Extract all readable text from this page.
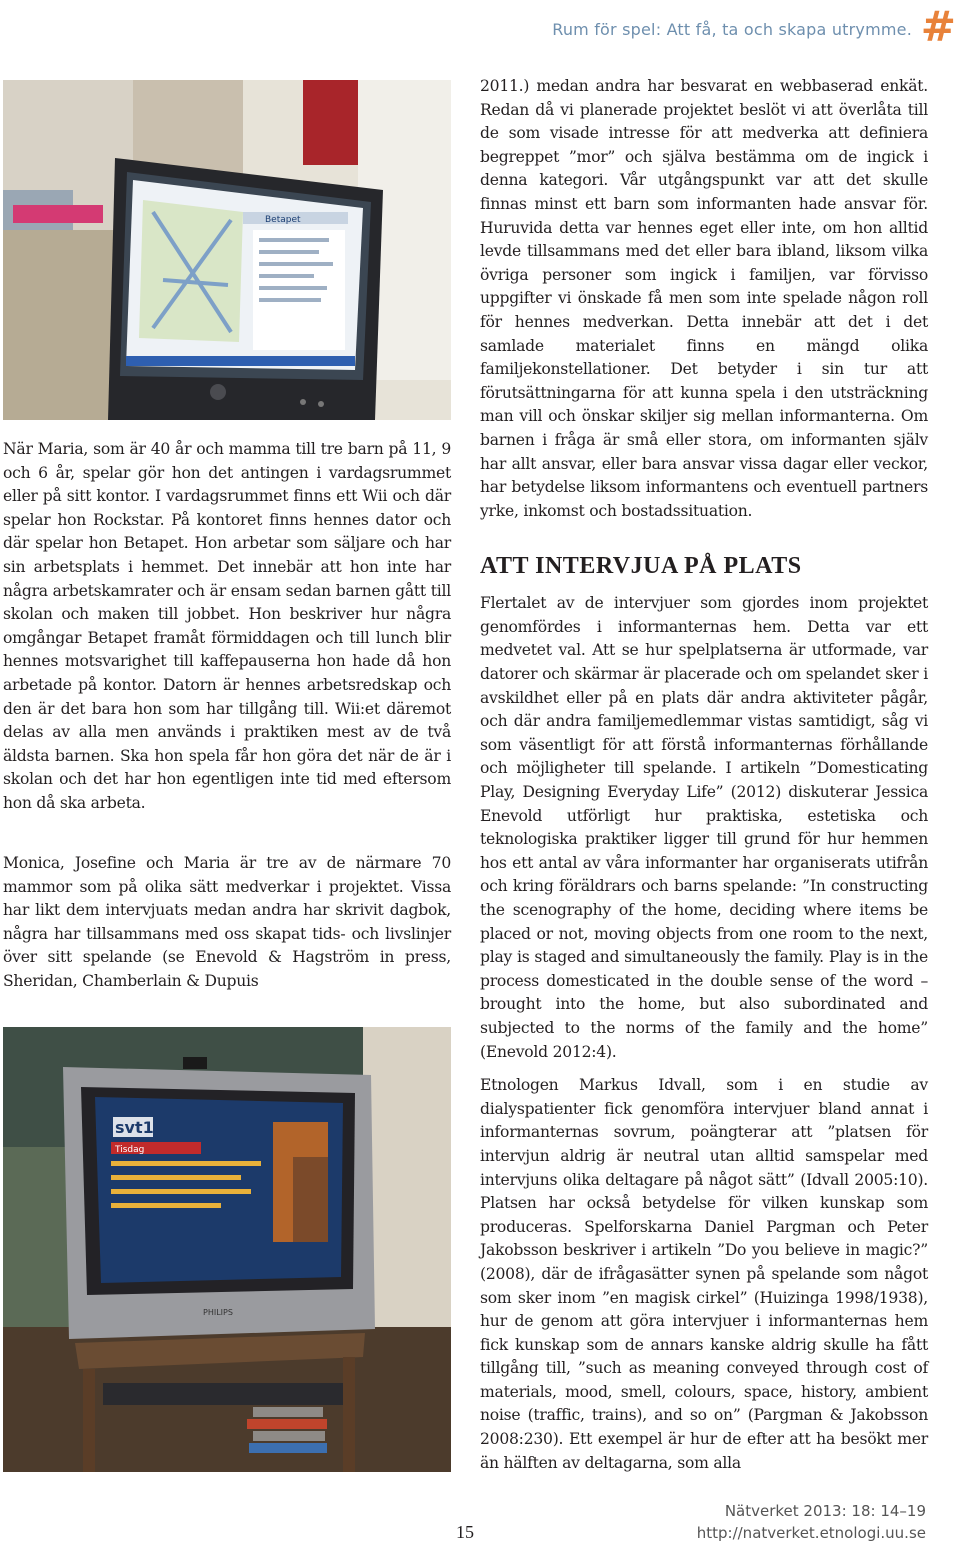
Rum för spel: Att få, ta och skapa utrymme. #
Betapet

När Maria, som är 40 år och mamma till tre barn på 11, 9 och 6 år, spelar gör hon det antingen i vardagsrummet eller på sitt kontor. I vardagsrummet finns ett Wii och där spelar hon Rockstar. På kontoret finns hennes dator och där spelar hon Betapet. Hon arbetar som säljare och har sin arbetsplats i hemmet. Det innebär att hon inte har några arbetskamrater och är ensam sedan barnen gått till skolan och maken till jobbet. Hon beskriver hur några omgångar Betapet framåt förmiddagen och till lunch blir hennes motsvarighet till kaffepauserna hon hade då hon arbetade på kontor. Datorn är hennes arbetsredskap och den är det bara hon som har tillgång till. Wii:et däremot delas av alla men används i praktiken mest av de två äldsta barnen. Ska hon spela får hon göra det när de är i skolan och det har hon egentligen inte tid med eftersom hon då ska arbeta.

Monica, Josefine och Maria är tre av de närmare 70 mammor som på olika sätt medverkar i projektet. Vissa har likt dem intervjuats medan andra har skrivit dagbok, några har tillsammans med oss skapat tids- och livslinjer över sitt spelande (se Enevold & Hagström in press, Sheridan, Chamberlain & Dupuis

svt1
Tisdag
PHILIPS

2011.) medan andra har besvarat en webbaserad enkät. Redan då vi planerade projektet beslöt vi att överlåta till de som visade intresse för att medverka att definiera begreppet ”mor” och själva bestämma om de ingick i denna kategori. Vår utgångspunkt var att det skulle finnas minst ett barn som informanten hade ansvar för. Huruvida detta var hennes eget eller inte, om hon alltid levde tillsammans med det eller bara ibland, liksom vilka övriga personer som ingick i familjen, var förvisso uppgifter vi önskade få men som inte spelade någon roll för hennes medverkan. Detta innebär att det i det samlade materialet finns en mängd olika familjekonstellationer. Det betyder i sin tur att förutsättningarna för att kunna spela i den utsträckning man vill och önskar skiljer sig mellan informanterna. Om barnen i fråga är små eller stora, om informanten själv har allt ansvar, eller bara ansvar vissa dagar eller veckor, har betydelse liksom informantens och eventuell partners yrke, inkomst och bostadssituation.

ATT INTERVJUA PÅ PLATS

Flertalet av de intervjuer som gjordes inom projektet genomfördes i informanternas hem. Detta var ett medvetet val. Att se hur spelplatserna är utformade, var datorer och skärmar är placerade och om spelandet sker i avskildhet eller på en plats där andra aktiviteter pågår, och där andra familjemedlemmar vistas samtidigt, såg vi som väsentligt för att förstå informanternas förhållande och möjligheter till spelande. I artikeln ”Domesticating Play, Designing Everyday Life” (2012) diskuterar Jessica Enevold utförligt hur praktiska, estetiska och teknologiska praktiker ligger till grund för hur hemmen hos ett antal av våra informanter har organiserats utifrån och kring föräldrars och barns spelande: ”In constructing the scenography of the home, deciding where items be placed or not, moving objects from one room to the next, play is staged and simultaneously the family. Play is in the process domesticated in the double sense of the word – brought into the home, but also subordinated and subjected to the norms of the family and the home” (Enevold 2012:4).

Etnologen Markus Idvall, som i en studie av dialyspatienter fick genomföra intervjuer bland annat i informanternas sovrum, poängterar att ”platsen för intervjun aldrig är neutral utan alltid samspelar med intervjuns olika deltagare på något sätt” (Idvall 2005:10). Platsen har också betydelse för vilken kunskap som produceras. Spelforskarna Daniel Pargman och Peter Jakobsson beskriver i artikeln ”Do you believe in magic?” (2008), där de ifrågasätter synen på spelande som något som sker inom ”en magisk cirkel” (Huizinga 1998/1938), hur de genom att göra intervjuer i informanternas hem fick kunskap som de annars kanske aldrig skulle ha fått tillgång till, ”such as meaning conveyed through cost of materials, mood, smell, colours, space, history, ambient noise (traffic, trains), and so on” (Pargman & Jakobsson 2008:230). Ett exempel är hur de efter att ha besökt mer än hälften av deltagarna, som alla

15
Nätverket 2013: 18: 14–19
http://natverket.etnologi.uu.se
